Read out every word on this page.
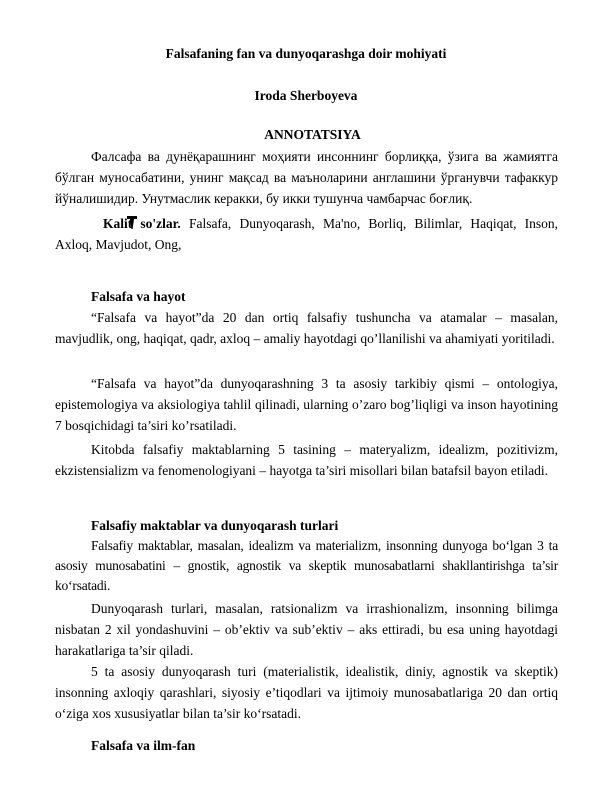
Falsafaning fan va dunyoqarashga doir mohiyati
Iroda Sherboyeva
ANNOTATSIYA

Фалсафа ва дунёқарашнинг моҳияти инсоннинг борлиққа, ўзига ва жамиятга бўлган муносабатини, унинг мақсад ва маъноларини англашини ўрганувчи тафаккур йўналишидир. Унутмаслик керакки, бу икки тушунча чамбарчас боғлиқ.

Kalit so'zlar. Falsafa, Dunyoqarash, Ma'no, Borliq, Bilimlar, Haqiqat, Inson, Axloq, Mavjudot, Ong,

Falsafa va hayot

“Falsafa va hayot”da 20 dan ortiq falsafiy tushuncha va atamalar – masalan, mavjudlik, ong, haqiqat, qadr, axloq – amaliy hayotdagi qo’llanilishi va ahamiyati yoritiladi.

“Falsafa va hayot”da dunyoqarashning 3 ta asosiy tarkibiy qismi – ontologiya, epistemologiya va aksiologiya tahlil qilinadi, ularning o’zaro bog’liqligi va inson hayotining 7 bosqichidagi ta’siri ko’rsatiladi.

Kitobda falsafiy maktablarning 5 tasining – materyalizm, idealizm, pozitivizm, ekzistensializm va fenomenologiyani – hayotga ta’siri misollari bilan batafsil bayon etiladi.

Falsafiy maktablar va dunyoqarash turlari

Falsafiy maktablar, masalan, idealizm va materializm, insonning dunyoga bo‘lgan 3 ta asosiy munosabatini – gnostik, agnostik va skeptik munosabatlarni shakllantirishga ta’sir ko‘rsatadi.

Dunyoqarash turlari, masalan, ratsionalizm va irrashionalizm, insonning bilimga nisbatan 2 xil yondashuvini – ob’ektiv va sub’ektiv – aks ettiradi, bu esa uning hayotdagi harakatlariga ta’sir qiladi.

5 ta asosiy dunyoqarash turi (materialistik, idealistik, diniy, agnostik va skeptik) insonning axloqiy qarashlari, siyosiy e’tiqodlari va ijtimoiy munosabatlariga 20 dan ortiq o‘ziga xos xususiyatlar bilan ta’sir ko‘rsatadi.

Falsafa va ilm-fan
